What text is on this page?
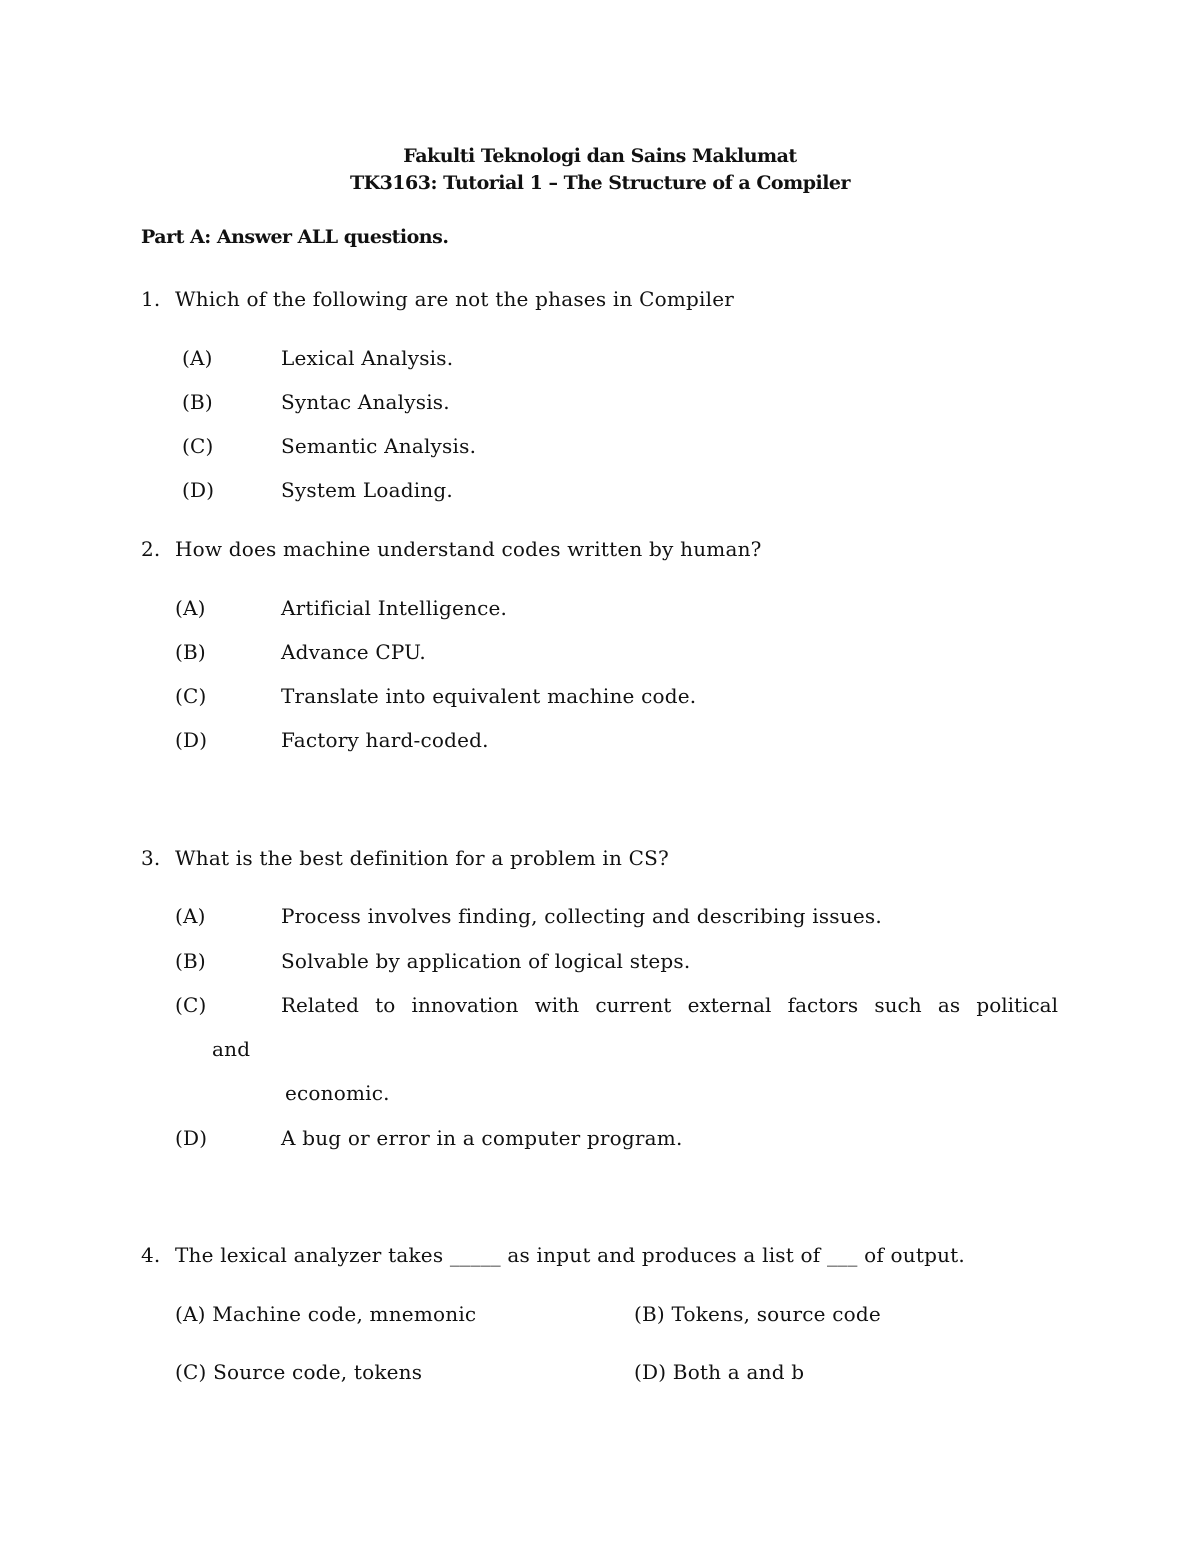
Fakulti Teknologi dan Sains Maklumat
TK3163: Tutorial 1 – The Structure of a Compiler
Part A: Answer ALL questions.
1. Which of the following are not the phases in Compiler
(A)	Lexical Analysis.
(B)	Syntac Analysis.
(C)	Semantic Analysis.
(D)	System Loading.
2. How does machine understand codes written by human?
(A)	Artificial Intelligence.
(B)	Advance CPU.
(C)	Translate into equivalent machine code.
(D)	Factory hard-coded.
3. What is the best definition for a problem in CS?
(A)	Process involves finding, collecting and describing issues.
(B)	Solvable by application of logical steps.
(C)	Related to innovation with current external factors such as political
and
economic.
(D)	A bug or error in a computer program.
4. The lexical analyzer takes _____ as input and produces a list of ___ of output.
(A) Machine code, mnemonic	(B) Tokens, source code
(C) Source code, tokens	(D) Both a and b
